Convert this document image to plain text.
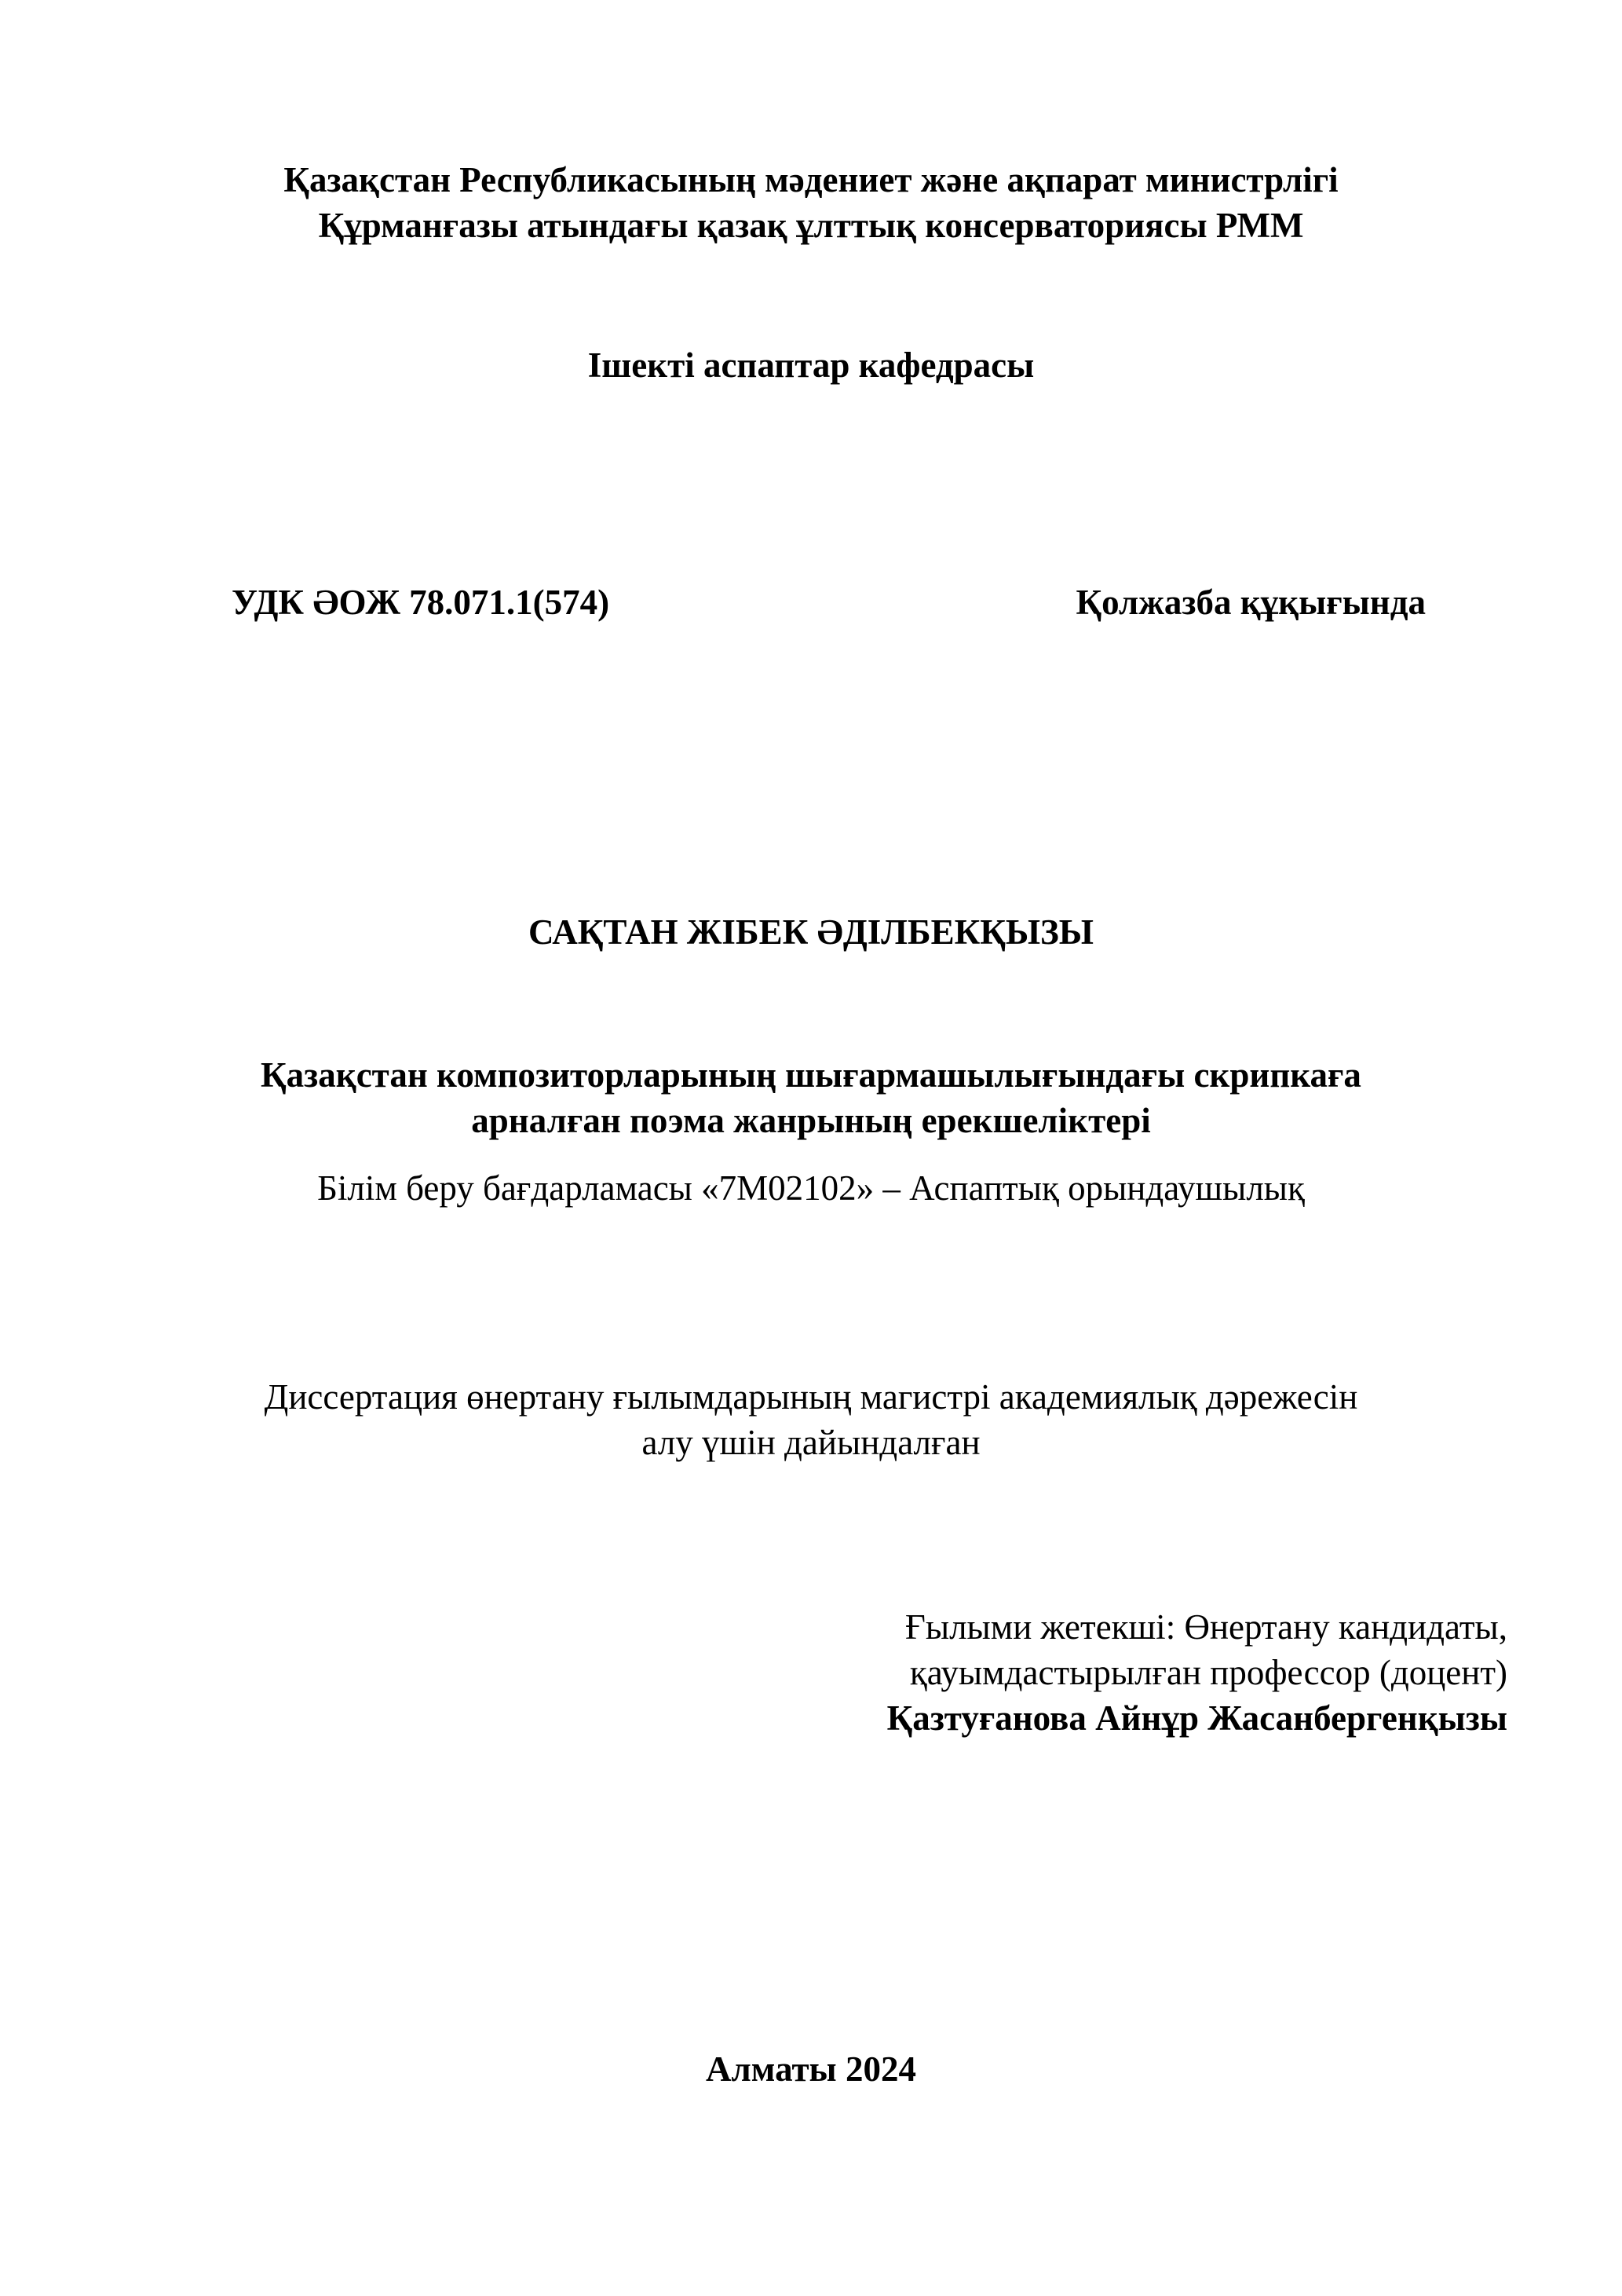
Қазақстан Республикасының мәдениет және ақпарат министрлігі
Құрманғазы атындағы қазақ ұлттық консерваториясы РММ
Ішекті аспаптар кафедрасы
УДК ӘОЖ 78.071.1(574)	Қолжазба құқығында
САҚТАН ЖІБЕК ӘДІЛБЕКҚЫЗЫ
Қазақстан композиторларының шығармашылығындағы скрипкаға
арналған поэма жанрының ерекшеліктері
Білім беру бағдарламасы «7М02102» – Аспаптық орындаушылық
Диссертация өнертану ғылымдарының магистрі академиялық дәрежесін
алу үшін дайындалған
Ғылыми жетекші: Өнертану кандидаты,
қауымдастырылған профессор (доцент)
Қазтуғанова Айнұр Жасанбергенқызы
Алматы 2024
